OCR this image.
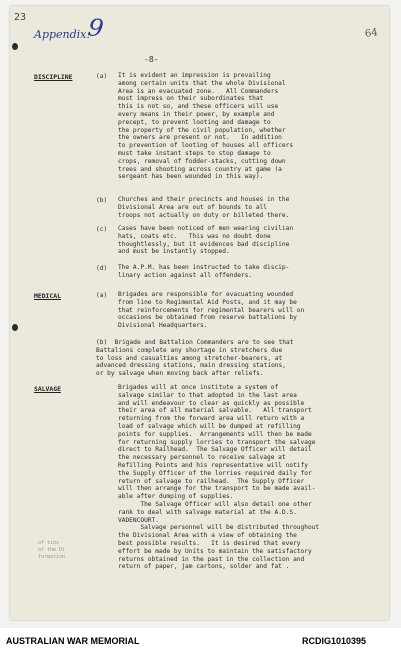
23
Appendix.
9	64
-8-
DISCIPLINE	(a) It is evident an impression is prevailing
among certain units that the whole Divisional
Area is an evacuated zone.   All Commanders
must impress on their subordinates that
this is not so, and these officers will use
every means in their power, by example and
precept, to prevent looting and damage to
the property of the civil population, whether
the owners are present or not.   In addition
to prevention of looting of houses all officers
must take instant steps to stop damage to
crops, removal of fodder-stacks, cutting down
trees and shooting across country at game (a
sergeant has been wounded in this way).
(b) Churches and their precincts and houses in the
Divisional Area are out of bounds to all
troops not actually on duty or billeted there.
(c) Cases have been noticed of men wearing civilian
hats, coats etc.   This was no doubt done
thoughtlessly, but it evidences bad discipline
and must be instantly stopped.
(d) The A.P.M. has been instructed to take discip-
linary action against all offenders.
MEDICAL	(a) Brigades are responsible for evacuating wounded
from line to Regimental Aid Posts, and it may be
that reinforcements for regimental bearers will on
occasions be obtained from reserve battalions by
Divisional Headquarters.
(b)  Brigade and Battalion Commanders are to see that
Battalions complete any shortage in stretchers due
to loss and casualties among stretcher-bearers, at
advanced dressing stations, main dressing stations,
or by salvage when moving back after reliefs.
SALVAGE	Brigades will at once institute a system of
salvage similar to that adopted in the last area
and will endeavour to clear as quickly as possible
their area of all material salvable.   All transport
returning from the forward area will return with a
load of salvage which will be dumped at refilling
points for supplies.  Arrangements will then be made
for returning supply lorries to transport the salvage
direct to Railhead.  The Salvage Officer will detail
the necessary personnel to receive salvage at
Refilling Points and his representative will notify
the Supply Officer of the lorries required daily for
return of salvage to railhead.  The Supply Officer
will then arrange for the transport to be made avail-
able after dumping of supplies.
The Salvage Officer will also detail one other
rank to deal with salvage material at the A.D.S.
VADENCOURT.
Salvage personnel will be distributed throughout
the Divisional Area with a view of obtaining the
best possible results.   It is desired that every
effort be made by Units to maintain the satisfactory
returns obtained in the past in the collection and
return of paper, jam cartons, solder and fat .
of tins
of the Di
formation
AUSTRALIAN WAR MEMORIAL	RCDIG1010395
